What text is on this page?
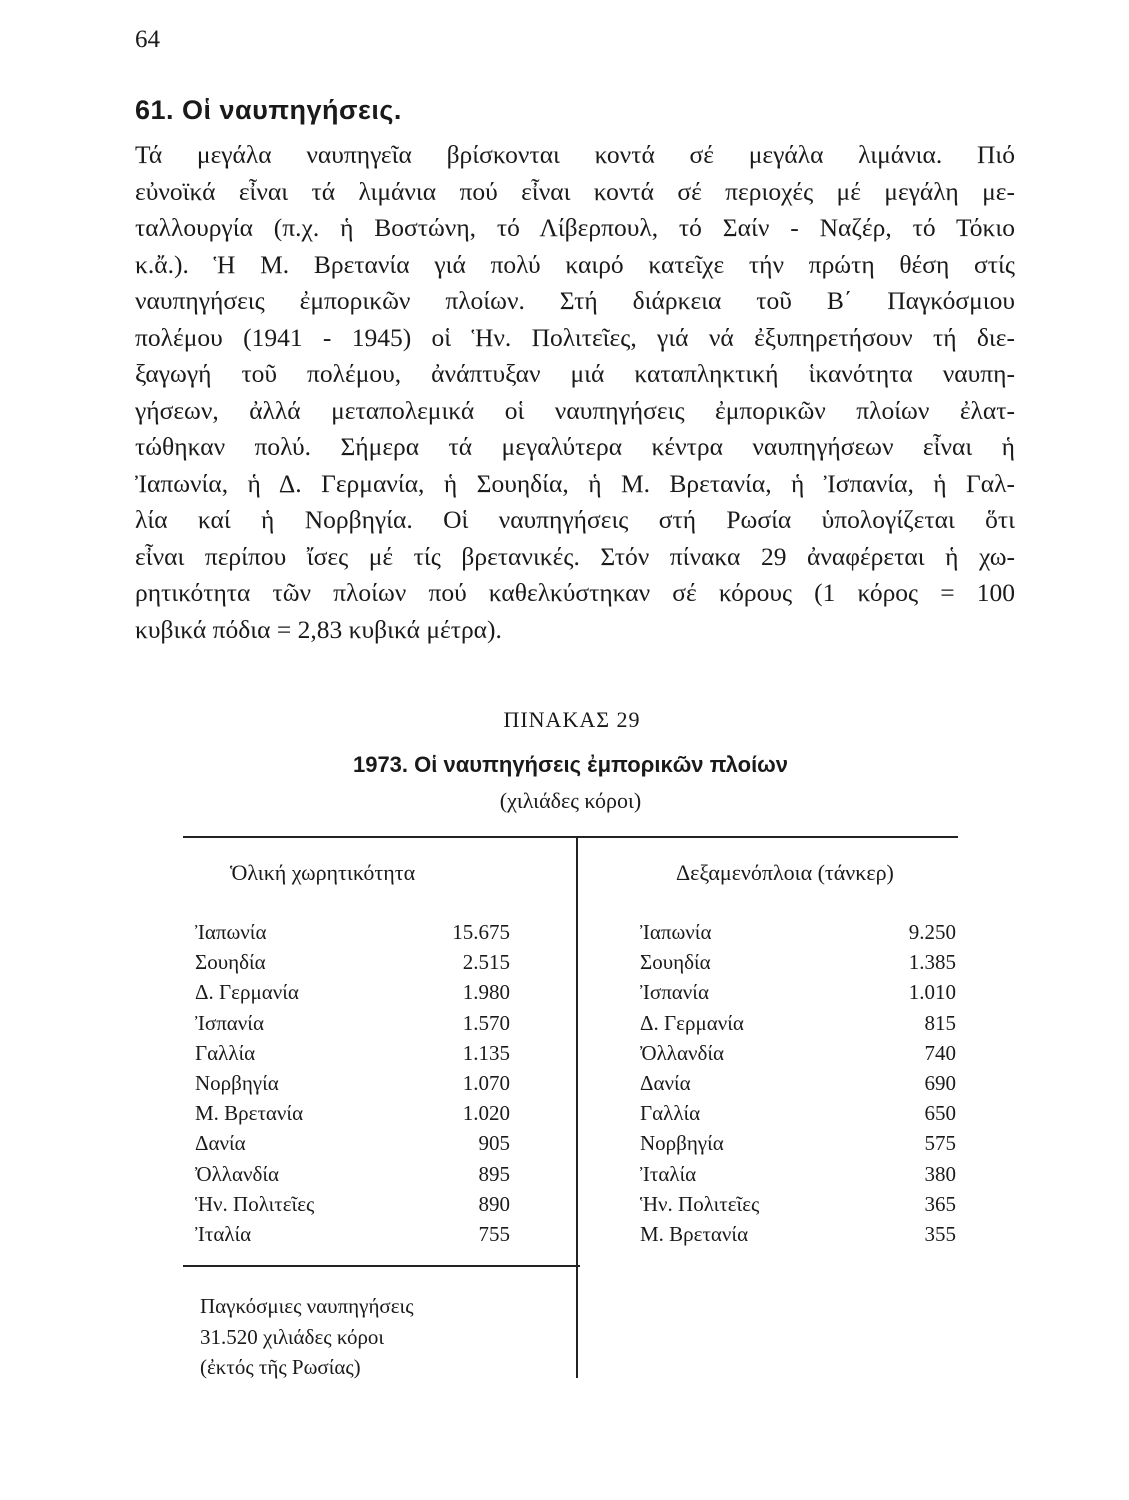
64
61. Οἱ ναυπηγήσεις.
Τά μεγάλα ναυπηγεῖα βρίσκονται κοντά σέ μεγάλα λιμάνια. Πιό
εὐνοϊκά εἶναι τά λιμάνια πού εἶναι κοντά σέ περιοχές μέ μεγάλη με-
ταλλουργία (π.χ. ἡ Βοστώνη, τό Λίβερπουλ, τό Σαίν - Ναζέρ, τό Τόκιο
κ.ἄ.). Ἡ Μ. Βρετανία γιά πολύ καιρό κατεῖχε τήν πρώτη θέση στίς
ναυπηγήσεις ἐμπορικῶν πλοίων. Στή διάρκεια τοῦ Β΄ Παγκόσμιου
πολέμου (1941 - 1945) οἱ Ἡν. Πολιτεῖες, γιά νά ἐξυπηρετήσουν τή διε-
ξαγωγή τοῦ πολέμου, ἀνάπτυξαν μιά καταπληκτική ἱκανότητα ναυπη-
γήσεων, ἀλλά μεταπολεμικά οἱ ναυπηγήσεις ἐμπορικῶν πλοίων ἐλατ-
τώθηκαν πολύ. Σήμερα τά μεγαλύτερα κέντρα ναυπηγήσεων εἶναι ἡ
Ἰαπωνία, ἡ Δ. Γερμανία, ἡ Σουηδία, ἡ Μ. Βρετανία, ἡ Ἰσπανία, ἡ Γαλ-
λία καί ἡ Νορβηγία. Οἱ ναυπηγήσεις στή Ρωσία ὑπολογίζεται ὅτι
εἶναι περίπου ἴσες μέ τίς βρετανικές. Στόν πίνακα 29 ἀναφέρεται ἡ χω-
ρητικότητα τῶν πλοίων πού καθελκύστηκαν σέ κόρους (1 κόρος = 100
κυβικά πόδια = 2,83 κυβικά μέτρα).
ΠΙΝΑΚΑΣ 29
1973. Οἱ ναυπηγήσεις ἐμπορικῶν πλοίων
(χιλιάδες κόροι)
Ὁλική χωρητικότητα	Δεξαμενόπλοια (τάνκερ)
Ἰαπωνία	15.675
Σουηδία	2.515
Δ. Γερμανία	1.980
Ἰσπανία	1.570
Γαλλία	1.135
Νορβηγία	1.070
Μ. Βρετανία	1.020
Δανία	905
Ὀλλανδία	895
Ἡν. Πολιτεῖες	890
Ἰταλία	755
Ἰαπωνία	9.250
Σουηδία	1.385
Ἰσπανία	1.010
Δ. Γερμανία	815
Ὀλλανδία	740
Δανία	690
Γαλλία	650
Νορβηγία	575
Ἰταλία	380
Ἡν. Πολιτεῖες	365
Μ. Βρετανία	355
Παγκόσμιες ναυπηγήσεις
31.520 χιλιάδες κόροι
(ἐκτός τῆς Ρωσίας)
